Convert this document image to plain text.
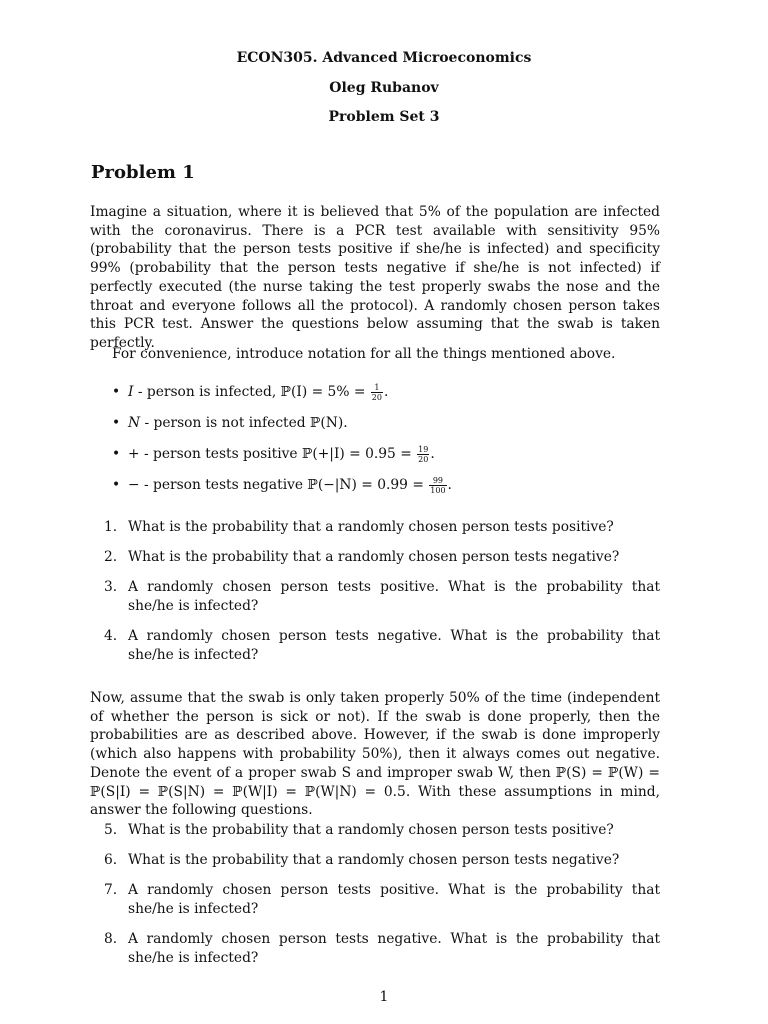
ECON305. Advanced Microeconomics
Oleg Rubanov
Problem Set 3
Problem 1

Imagine a situation, where it is believed that 5% of the population are infected with the coronavirus. There is a PCR test available with sensitivity 95% (probability that the person tests positive if she/he is infected) and specificity 99% (probability that the person tests negative if she/he is not infected) if perfectly executed (the nurse taking the test properly swabs the nose and the throat and everyone follows all the protocol). A randomly chosen person takes this PCR test. Answer the questions below assuming that the swab is taken perfectly.

For convenience, introduce notation for all the things mentioned above.
• I - person is infected, ℙ(I) = $5\% = \frac{1}{20}$ .
• N - person is not infected ℙ(N).
• + - person tests positive ℙ(+|I) = $0.95 = \frac{19}{20}$ .
• − - person tests negative ℙ(−|N) = $0.99 = \frac{99}{100}$ .
1. What is the probability that a randomly chosen person tests positive?
2. What is the probability that a randomly chosen person tests negative?
3. A randomly chosen person tests positive. What is the probability that she/he is infected?
4. A randomly chosen person tests negative. What is the probability that she/he is infected?

Now, assume that the swab is only taken properly 50% of the time (independent of whether the person is sick or not). If the swab is done properly, then the probabilities are as described above. However, if the swab is done improperly (which also happens with probability 50%), then it always comes out negative. Denote the event of a proper swab S and improper swab W, then ℙ(S) = ℙ(W) = ℙ(S|I) = ℙ(S|N) = ℙ(W|I) = ℙ(W|N) = 0.5. With these assumptions in mind, answer the following questions.

5. What is the probability that a randomly chosen person tests positive?
6. What is the probability that a randomly chosen person tests negative?
7. A randomly chosen person tests positive. What is the probability that she/he is infected?
8. A randomly chosen person tests negative. What is the probability that she/he is infected?
1
